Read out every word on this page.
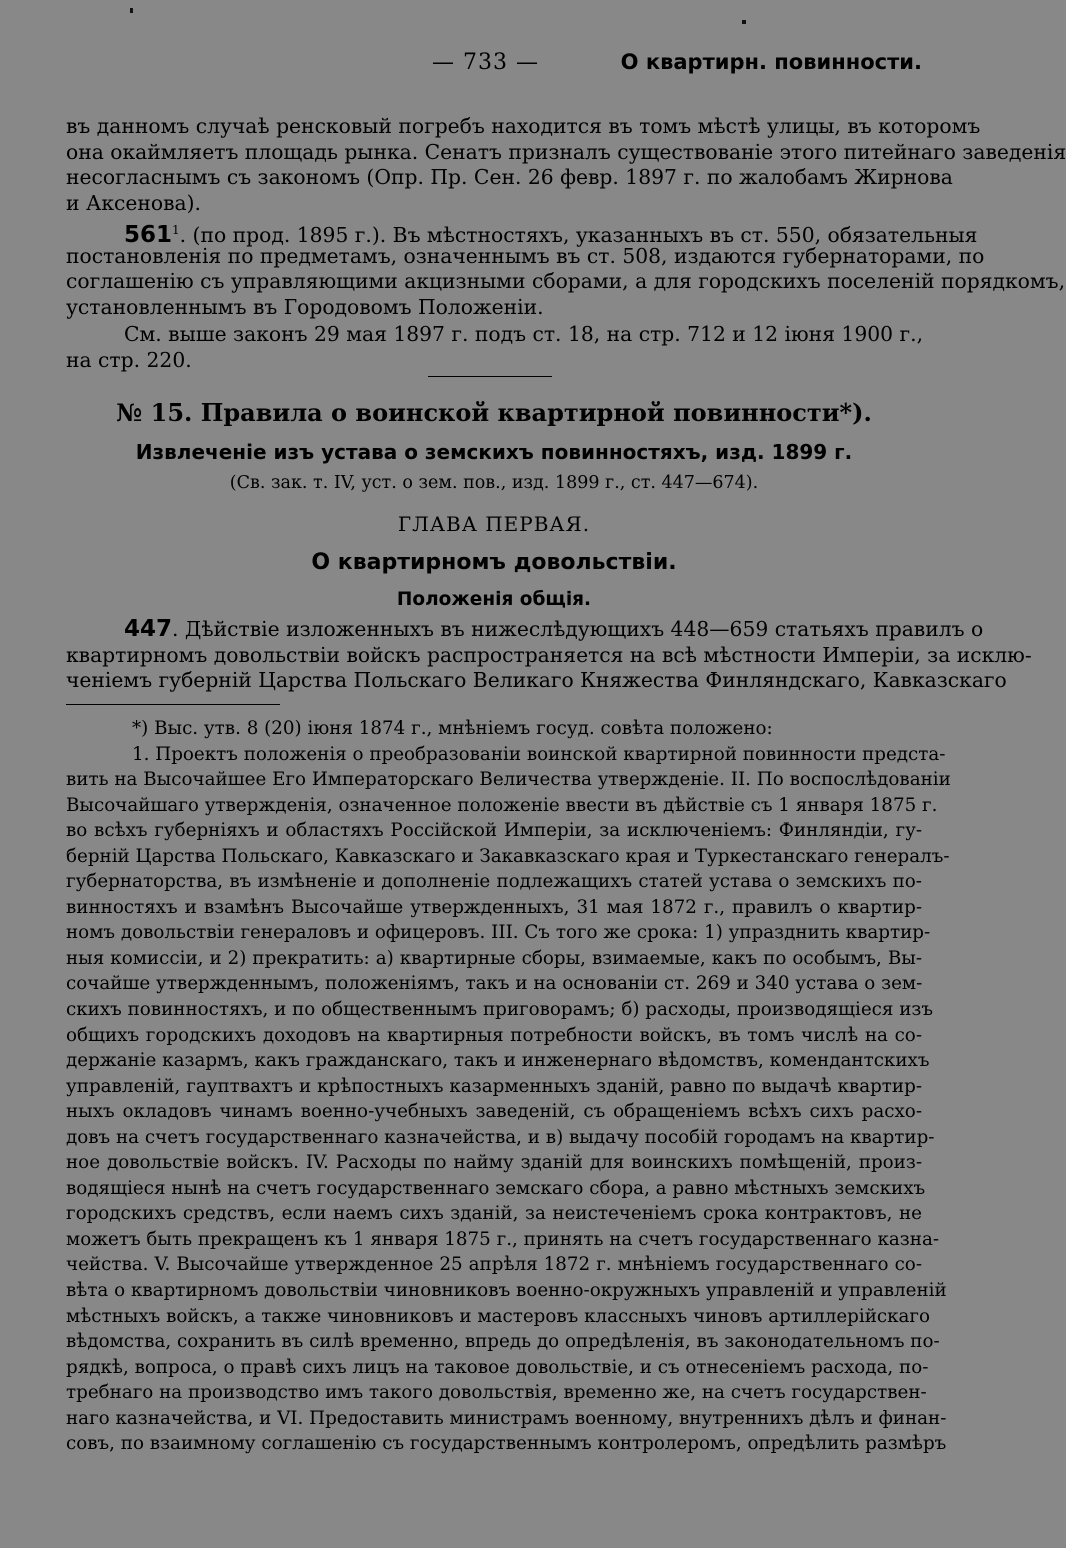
— 733 —	О квартирн. повинности.
въ данномъ случаѣ ренсковый погребъ находится въ томъ мѣстѣ улицы, въ которомъ
она окаймляетъ площадь рынка. Сенатъ призналъ существованіе этого питейнаго заведенія
несогласнымъ съ закономъ (Опр. Пр. Сен. 26 февр. 1897 г. по жалобамъ Жирнова
и Аксенова).
$561^1$. (по прод. 1895 г.). Въ мѣстностяхъ, указанныхъ въ ст. 550, обязательныя
постановленія по предметамъ, означеннымъ въ ст. 508, издаются губернаторами, по
соглашенію съ управляющими акцизными сборами, а для городскихъ поселеній порядкомъ,
установленнымъ въ Городовомъ Положеніи.
См. выше законъ 29 мая 1897 г. подъ ст. 18, на стр. 712 и 12 іюня 1900 г.,
на стр. 220.
№ 15. Правила о воинской квартирной повинности*).
Извлеченіе изъ устава о земскихъ повинностяхъ, изд. 1899 г.
(Св. зак. т. IV, уст. о зем. пов., изд. 1899 г., ст. 447—674).
ГЛАВА ПЕРВАЯ.
О квартирномъ довольствіи.
Положенія общія.
447. Дѣйствіе изложенныхъ въ нижеслѣдующихъ 448—659 статьяхъ правилъ о
квартирномъ довольствіи войскъ распространяется на всѣ мѣстности Имперіи, за исклю-
ченіемъ губерній Царства Польскаго Великаго Княжества Финляндскаго, Кавказскаго
*) Выс. утв. 8 (20) іюня 1874 г., мнѣніемъ госуд. совѣта положено:
1. Проектъ положенія о преобразованіи воинской квартирной повинности предста-
вить на Высочайшее Его Императорскаго Величества утвержденіе. II. По воспослѣдованіи
Высочайшаго утвержденія, означенное положеніе ввести въ дѣйствіе съ 1 января 1875 г.
во всѣхъ губерніяхъ и областяхъ Россійской Имперіи, за исключеніемъ: Финляндіи, гу-
берній Царства Польскаго, Кавказскаго и Закавказскаго края и Туркестанскаго генералъ-
губернаторства, въ измѣненіе и дополненіе подлежащихъ статей устава о земскихъ по-
винностяхъ и взамѣнъ Высочайше утвержденныхъ, 31 мая 1872 г., правилъ о квартир-
номъ довольствіи генераловъ и офицеровъ. III. Съ того же срока: 1) упразднить квартир-
ныя комиссіи, и 2) прекратить: а) квартирные сборы, взимаемые, какъ по особымъ, Вы-
сочайше утвержденнымъ, положеніямъ, такъ и на основаніи ст. 269 и 340 устава о зем-
скихъ повинностяхъ, и по общественнымъ приговорамъ; б) расходы, производящіеся изъ
общихъ городскихъ доходовъ на квартирныя потребности войскъ, въ томъ числѣ на со-
держаніе казармъ, какъ гражданскаго, такъ и инженернаго вѣдомствъ, комендантскихъ
управленій, гауптвахтъ и крѣпостныхъ казарменныхъ зданій, равно по выдачѣ квартир-
ныхъ окладовъ чинамъ военно-учебныхъ заведеній, съ обращеніемъ всѣхъ сихъ расхо-
довъ на счетъ государственнаго казначейства, и в) выдачу пособій городамъ на квартир-
ное довольствіе войскъ. IV. Расходы по найму зданій для воинскихъ помѣщеній, произ-
водящіеся нынѣ на счетъ государственнаго земскаго сбора, а равно мѣстныхъ земскихъ
городскихъ средствъ, если наемъ сихъ зданій, за неистеченіемъ срока контрактовъ, не
можетъ быть прекращенъ къ 1 января 1875 г., принять на счетъ государственнаго казна-
чейства. V. Высочайше утвержденное 25 апрѣля 1872 г. мнѣніемъ государственнаго со-
вѣта о квартирномъ довольствіи чиновниковъ военно-окружныхъ управленій и управленій
мѣстныхъ войскъ, а также чиновниковъ и мастеровъ классныхъ чиновъ артиллерійскаго
вѣдомства, сохранить въ силѣ временно, впредь до опредѣленія, въ законодательномъ по-
рядкѣ, вопроса, о правѣ сихъ лицъ на таковое довольствіе, и съ отнесеніемъ расхода, по-
требнаго на производство имъ такого довольствія, временно же, на счетъ государствен-
наго казначейства, и VI. Предоставить министрамъ военному, внутреннихъ дѣлъ и финан-
совъ, по взаимному соглашенію съ государственнымъ контролеромъ, опредѣлить размѣръ
